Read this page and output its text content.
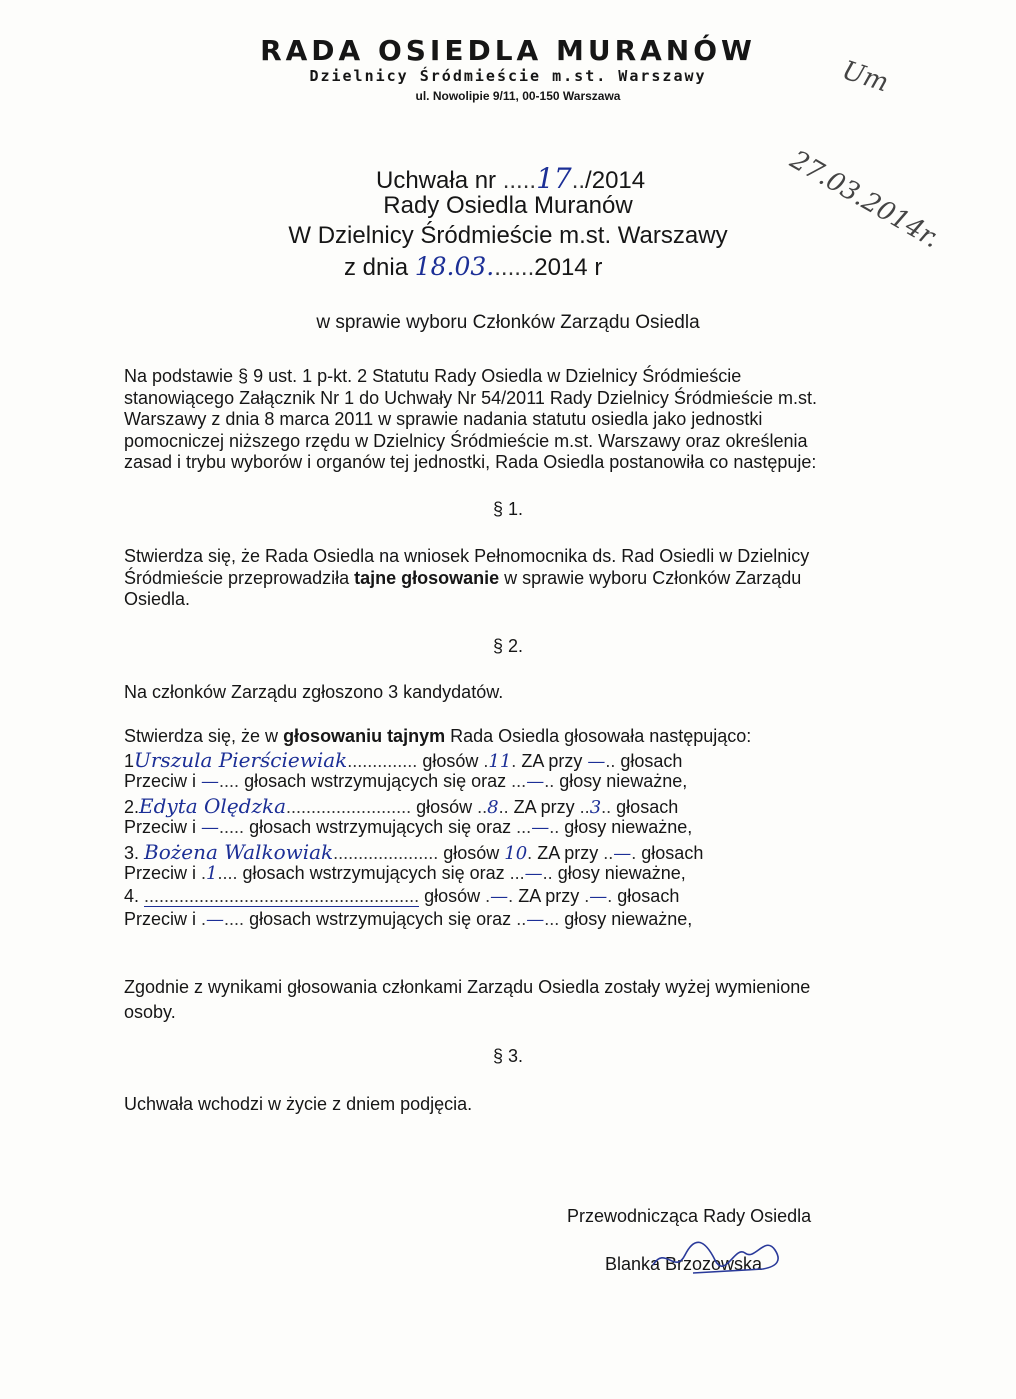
RADA OSIEDLA MURANÓW
Dzielnicy Śródmieście m.st. Warszawy
ul. Nowolipie 9/11, 00-150 Warszawa	Um
27.03.2014r.
Uchwała nr .....17../2014
Rady Osiedla Muranów
W Dzielnicy Śródmieście m.st. Warszawy
z dnia 18.03.......2014 r
w sprawie wyboru Członków Zarządu Osiedla
Na podstawie § 9 ust. 1 p-kt. 2 Statutu Rady Osiedla w Dzielnicy Śródmieście
stanowiącego Załącznik Nr 1 do Uchwały Nr 54/2011 Rady Dzielnicy Śródmieście m.st.
Warszawy z dnia 8 marca 2011 w sprawie nadania statutu osiedla jako jednostki
pomocniczej niższego rzędu w Dzielnicy Śródmieście m.st. Warszawy oraz określenia
zasad i trybu wyborów i organów tej jednostki, Rada Osiedla postanowiła co następuje:
§ 1.
Stwierdza się, że Rada Osiedla na wniosek Pełnomocnika ds. Rad Osiedli w Dzielnicy
Śródmieście przeprowadziła tajne głosowanie w sprawie wyboru Członków Zarządu
Osiedla.
§ 2.
Na członków Zarządu zgłoszono 3 kandydatów.
Stwierdza się, że w głosowaniu tajnym Rada Osiedla głosowała następująco:
1Urszula Pierściewiak.............. głosów .11. ZA przy —.. głosach
Przeciw i —.... głosach wstrzymujących się oraz ...—.. głosy nieważne,
2.Edyta Olędzka......................... głosów ..8.. ZA przy ..3.. głosach
Przeciw i —..... głosach wstrzymujących się oraz ...—.. głosy nieważne,
3. Bożena Walkowiak..................... głosów 10. ZA przy ..—. głosach
Przeciw i .1.... głosach wstrzymujących się oraz ...—.. głosy nieważne,
4. ....................................................... głosów .—. ZA przy .—. głosach
Przeciw i .—.... głosach wstrzymujących się oraz ..—... głosy nieważne,
Zgodnie z wynikami głosowania członkami Zarządu Osiedla zostały wyżej wymienione
osoby.
§ 3.
Uchwała wchodzi w życie z dniem podjęcia.
Przewodnicząca Rady Osiedla
Blanka Brzozowska
